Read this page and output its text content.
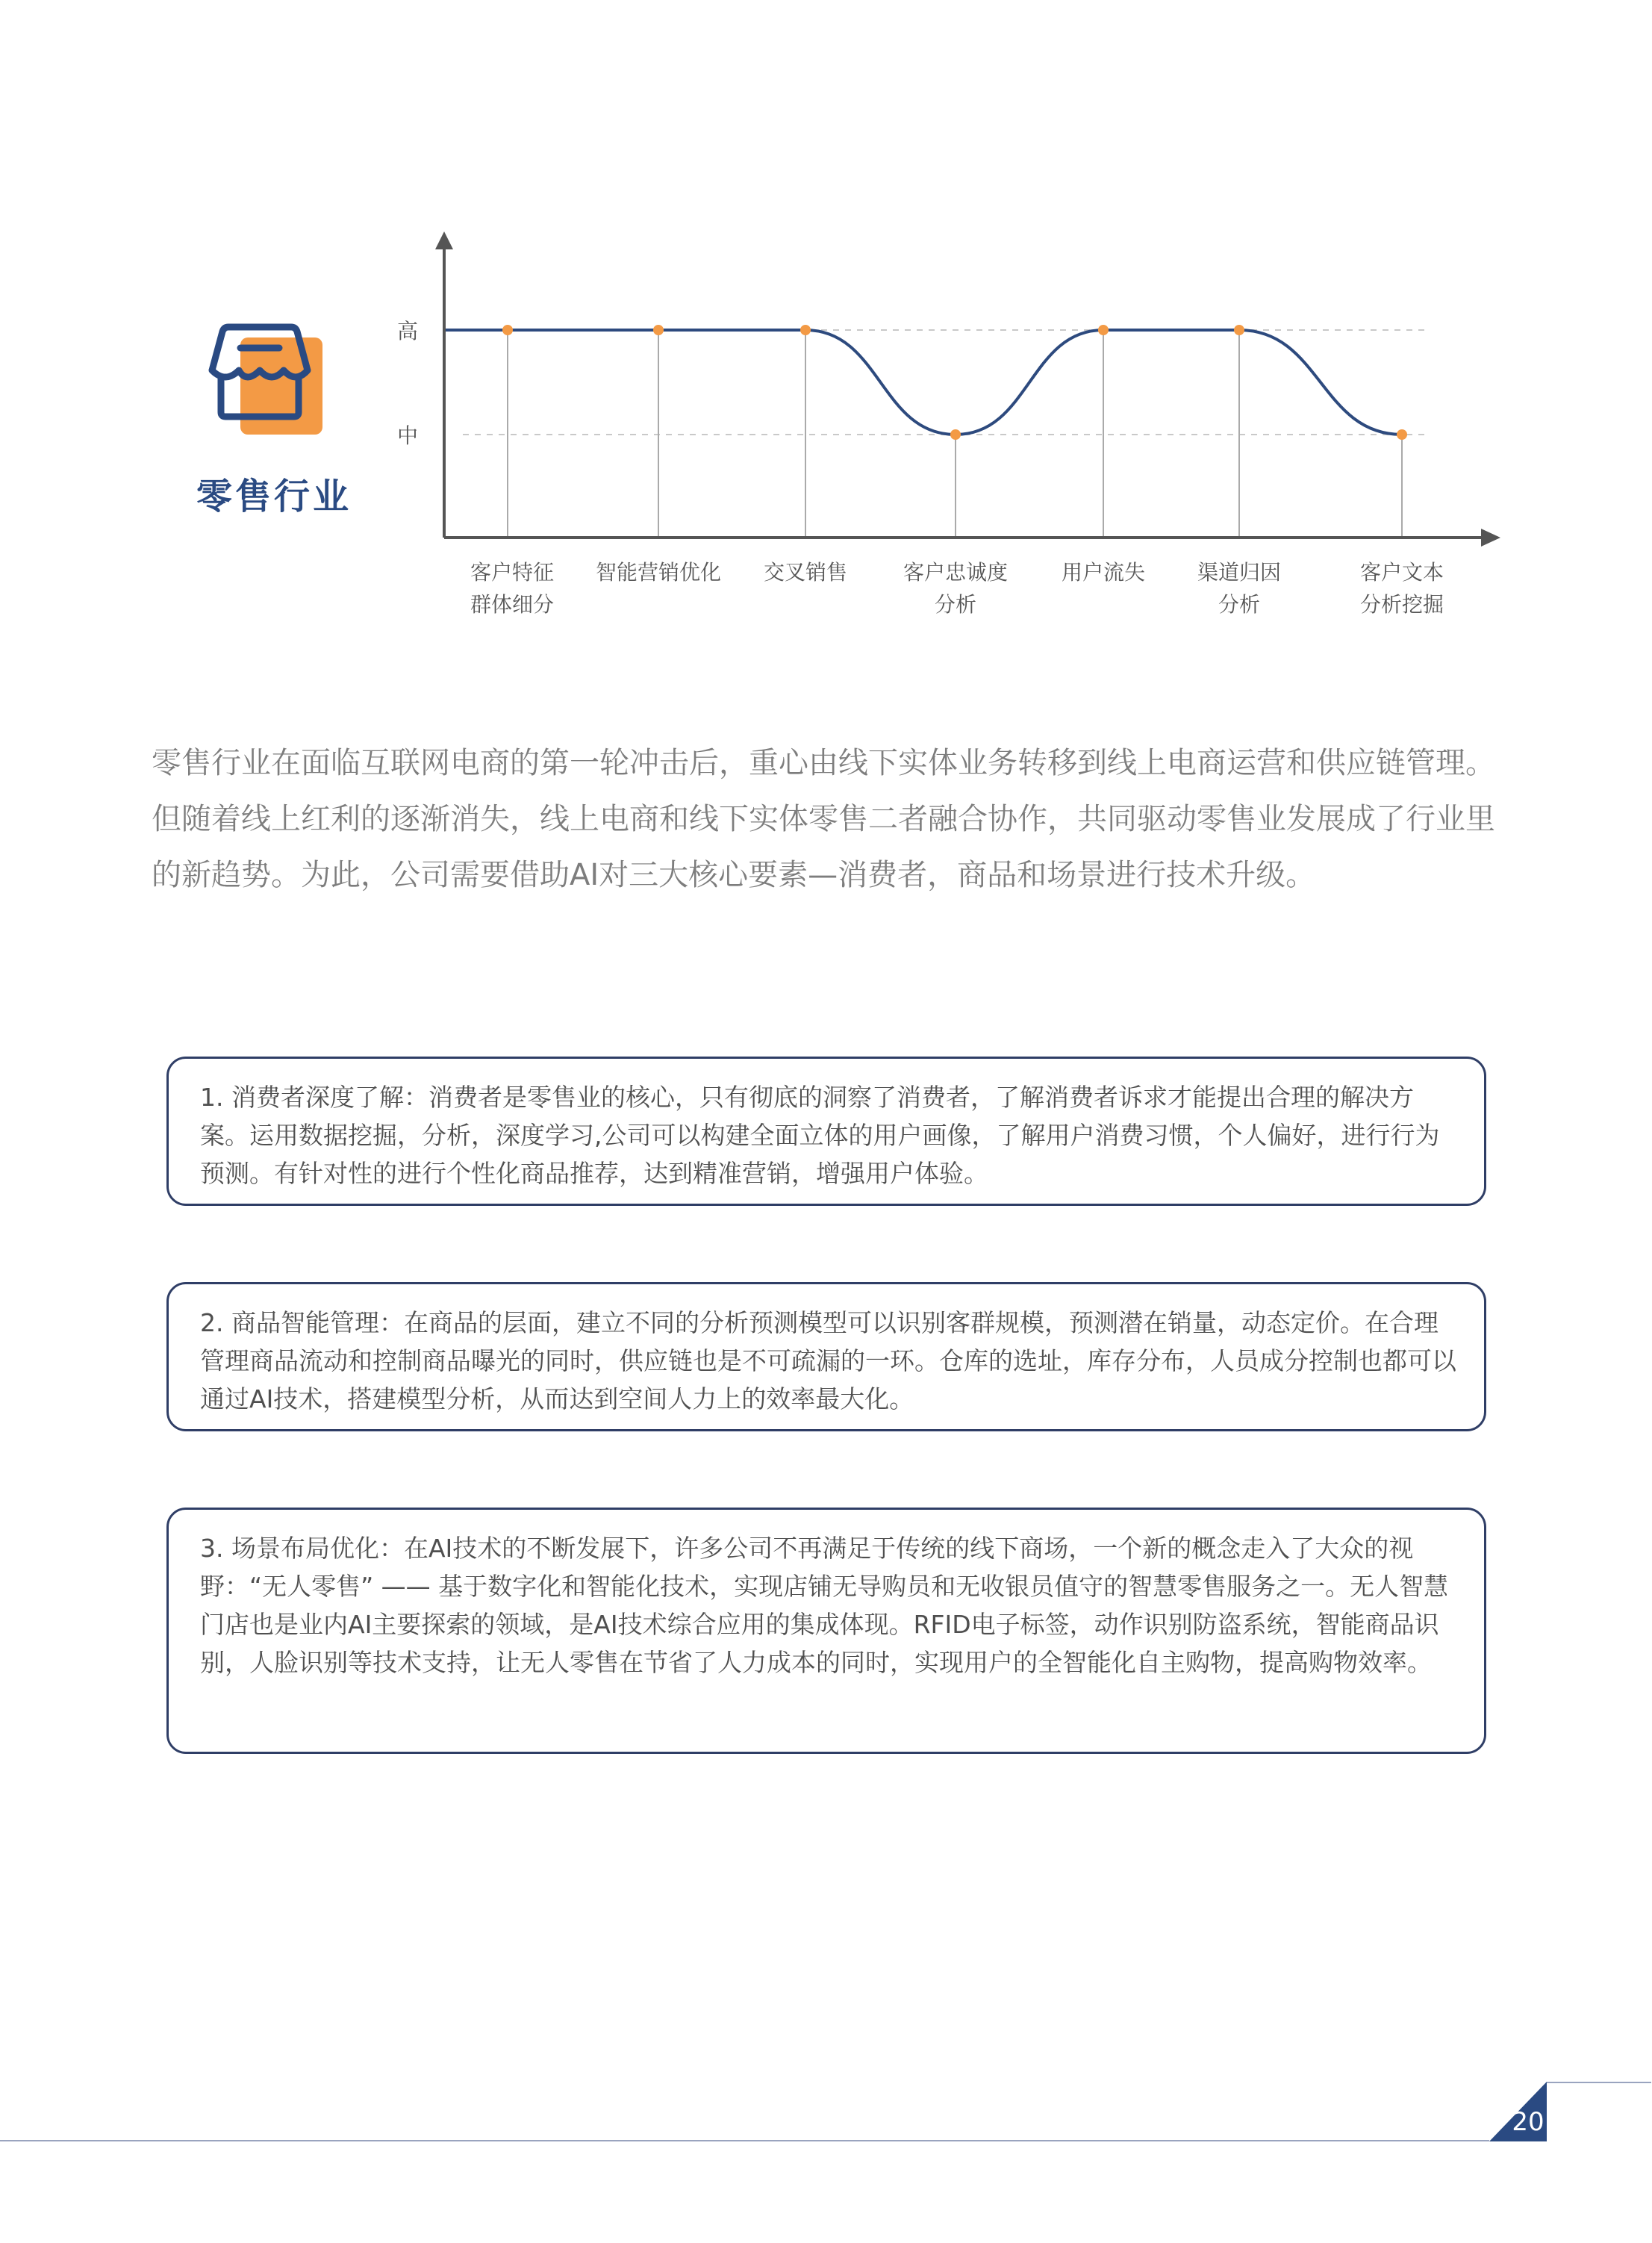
零售行业
高
中
客户特征
群体细分
智能营销优化 交叉销售	客户忠诚度
分析
用户流失 渠道归因
分析
客户文本
分析挖掘
零售行业在面临互联网电商的第一轮冲击后，重心由线下实体业务转移到线上电商运营和供应链管理。但随着线上红利的逐渐消失，线上电商和线下实体零售二者融合协作，共同驱动零售业发展成了行业里的新趋势。为此，公司需要借助AI对三大核心要素—消费者，商品和场景进行技术升级。
1. 消费者深度了解：消费者是零售业的核心，只有彻底的洞察了消费者，了解消费者诉求才能提出合理的解决方案。运用数据挖掘，分析，深度学习,公司可以构建全面立体的用户画像，了解用户消费习惯，个人偏好，进行行为预测。有针对性的进行个性化商品推荐，达到精准营销，增强用户体验。
2. 商品智能管理：在商品的层面，建立不同的分析预测模型可以识别客群规模，预测潜在销量，动态定价。在合理管理商品流动和控制商品曝光的同时，供应链也是不可疏漏的一环。仓库的选址，库存分布，人员成分控制也都可以通过AI技术，搭建模型分析，从而达到空间人力上的效率最大化。
3. 场景布局优化：在AI技术的不断发展下，许多公司不再满足于传统的线下商场，一个新的概念走入了大众的视野：“无人零售” —— 基于数字化和智能化技术，实现店铺无导购员和无收银员值守的智慧零售服务之一。无人智慧门店也是业内AI主要探索的领域，是AI技术综合应用的集成体现。RFID电子标签，动作识别防盗系统，智能商品识别，人脸识别等技术支持，让无人零售在节省了人力成本的同时，实现用户的全智能化自主购物，提高购物效率。
20
